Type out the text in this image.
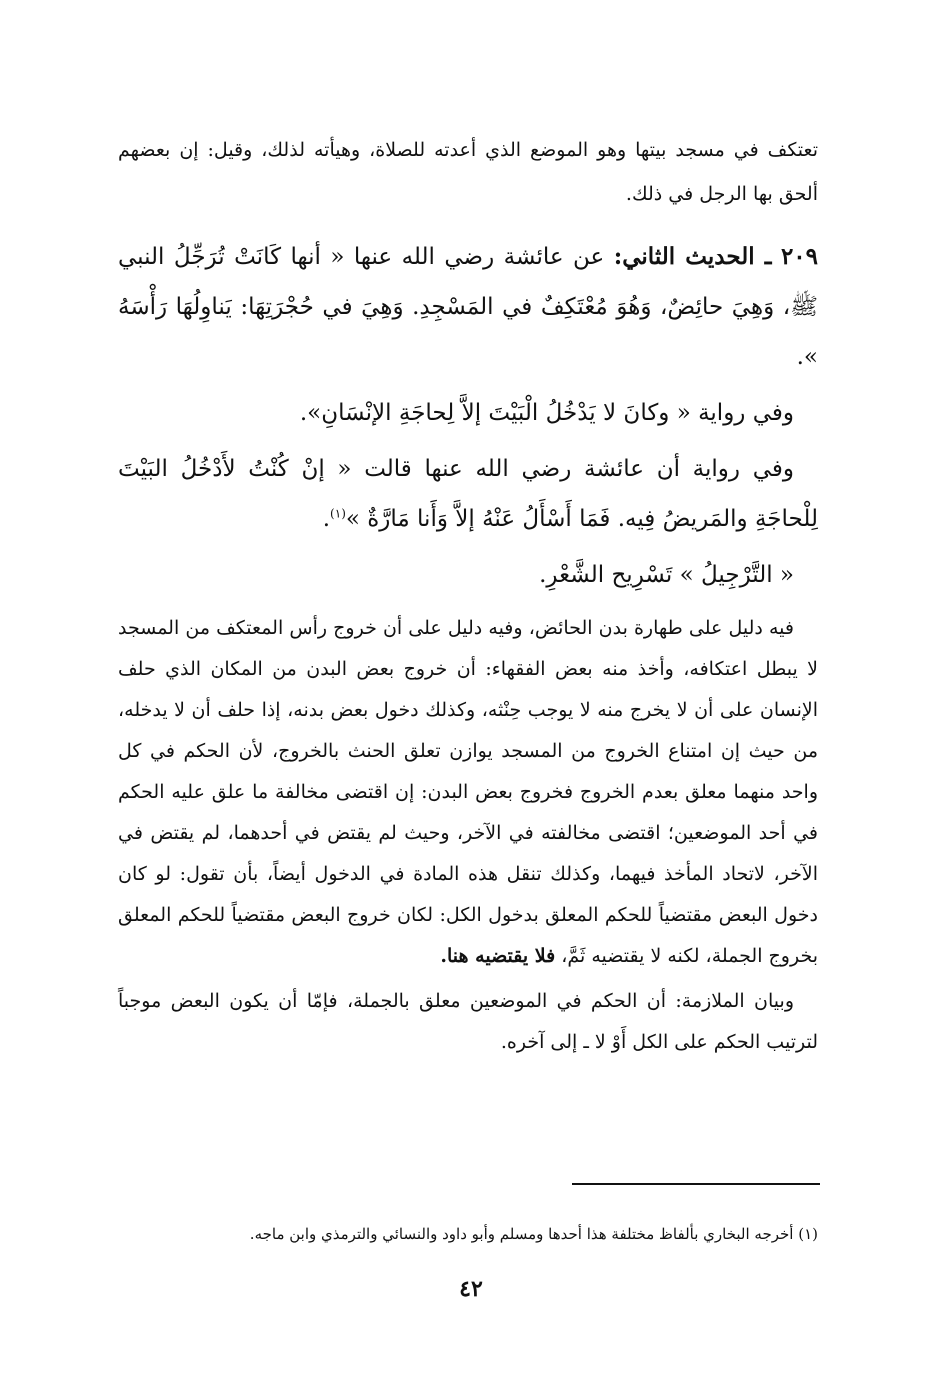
تعتكف في مسجد بيتها وهو الموضع الذي أعدته للصلاة، وهيأته لذلك، وقيل: إن بعضهم ألحق بها الرجل في ذلك.

٢٠٩ ـ الحديث الثاني: عن عائشة رضي الله عنها « أنها كَانَتْ تُرَجِّلُ النبي ﷺ، وَهِيَ حائِضٌ، وَهُوَ مُعْتَكِفٌ في المَسْجِدِ. وَهِيَ في حُجْرَتِهَا: يَناوِلُهَا رَأْسَهُ ».

وفي رواية « وكانَ لا يَدْخُلُ الْبَيْتَ إلاَّ لِحاجَةِ الإنْسَانِ».

وفي رواية أن عائشة رضي الله عنها قالت « إنْ كُنْتُ لأَدْخُلُ البَيْتَ لِلْحاجَةِ والمَريضُ فِيه. فَمَا أَسْأَلُ عَنْهُ إلاَّ وَأَنا مَارَّةٌ »$^{(١)}$.

« التَّرْجِيلُ » تَسْرِيح الشَّعْرِ.

فيه دليل على طهارة بدن الحائض، وفيه دليل على أن خروج رأس المعتكف من المسجد لا يبطل اعتكافه، وأخذ منه بعض الفقهاء: أن خروج بعض البدن من المكان الذي حلف الإنسان على أن لا يخرج منه لا يوجب حِنْثه، وكذلك دخول بعض بدنه، إذا حلف أن لا يدخله، من حيث إن امتناع الخروج من المسجد يوازن تعلق الحنث بالخروج، لأن الحكم في كل واحد منهما معلق بعدم الخروج فخروج بعض البدن: إن اقتضى مخالفة ما علق عليه الحكم في أحد الموضعين؛ اقتضى مخالفته في الآخر، وحيث لم يقتض في أحدهما، لم يقتض في الآخر، لاتحاد المأخذ فيهما، وكذلك تنقل هذه المادة في الدخول أيضاً، بأن تقول: لو كان دخول البعض مقتضياً للحكم المعلق بدخول الكل: لكان خروج البعض مقتضياً للحكم المعلق بخروج الجملة، لكنه لا يقتضيه ثَمَّ، فلا يقتضيه هنا.

وبيان الملازمة: أن الحكم في الموضعين معلق بالجملة، فإمّا أن يكون البعض موجباً لترتيب الحكم على الكل أَوْ لا ـ إلى آخره.

(١) أخرجه البخاري بألفاظ مختلفة هذا أحدها ومسلم وأبو داود والنسائي والترمذي وابن ماجه.

٤٢
